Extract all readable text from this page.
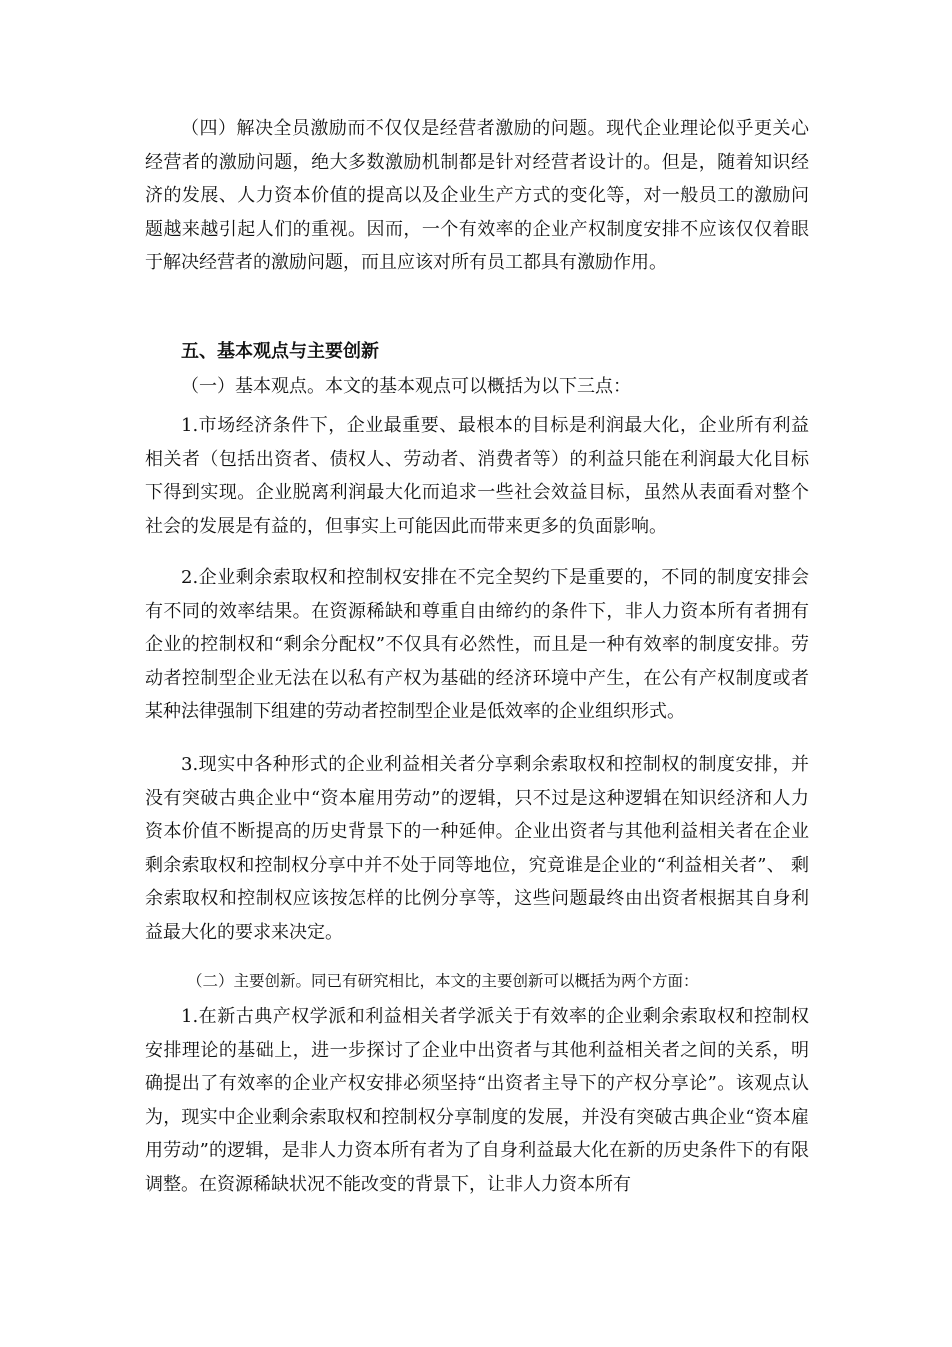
（四）解决全员激励而不仅仅是经营者激励的问题。现代企业理论似乎更关心经营者的激励问题，绝大多数激励机制都是针对经营者设计的。但是，随着知识经济的发展、人力资本价值的提高以及企业生产方式的变化等，对一般员工的激励问题越来越引起人们的重视。因而，一个有效率的企业产权制度安排不应该仅仅着眼于解决经营者的激励问题，而且应该对所有员工都具有激励作用。

五、基本观点与主要创新

（一）基本观点。本文的基本观点可以概括为以下三点：

1.市场经济条件下，企业最重要、最根本的目标是利润最大化，企业所有利益相关者（包括出资者、债权人、劳动者、消费者等）的利益只能在利润最大化目标下得到实现。企业脱离利润最大化而追求一些社会效益目标，虽然从表面看对整个社会的发展是有益的，但事实上可能因此而带来更多的负面影响。

2.企业剩余索取权和控制权安排在不完全契约下是重要的，不同的制度安排会有不同的效率结果。在资源稀缺和尊重自由缔约的条件下，非人力资本所有者拥有企业的控制权和“剩余分配权”不仅具有必然性，而且是一种有效率的制度安排。劳动者控制型企业无法在以私有产权为基础的经济环境中产生，在公有产权制度或者某种法律强制下组建的劳动者控制型企业是低效率的企业组织形式。

3.现实中各种形式的企业利益相关者分享剩余索取权和控制权的制度安排，并没有突破古典企业中“资本雇用劳动”的逻辑，只不过是这种逻辑在知识经济和人力资本价值不断提高的历史背景下的一种延伸。企业出资者与其他利益相关者在企业剩余索取权和控制权分享中并不处于同等地位，究竟谁是企业的“利益相关者”、 剩余索取权和控制权应该按怎样的比例分享等，这些问题最终由出资者根据其自身利益最大化的要求来决定。

（二）主要创新。同已有研究相比，本文的主要创新可以概括为两个方面：

1.在新古典产权学派和利益相关者学派关于有效率的企业剩余索取权和控制权安排理论的基础上，进一步探讨了企业中出资者与其他利益相关者之间的关系，明确提出了有效率的企业产权安排必须坚持“出资者主导下的产权分享论”。该观点认为，现实中企业剩余索取权和控制权分享制度的发展，并没有突破古典企业“资本雇用劳动”的逻辑，是非人力资本所有者为了自身利益最大化在新的历史条件下的有限调整。在资源稀缺状况不能改变的背景下，让非人力资本所有
